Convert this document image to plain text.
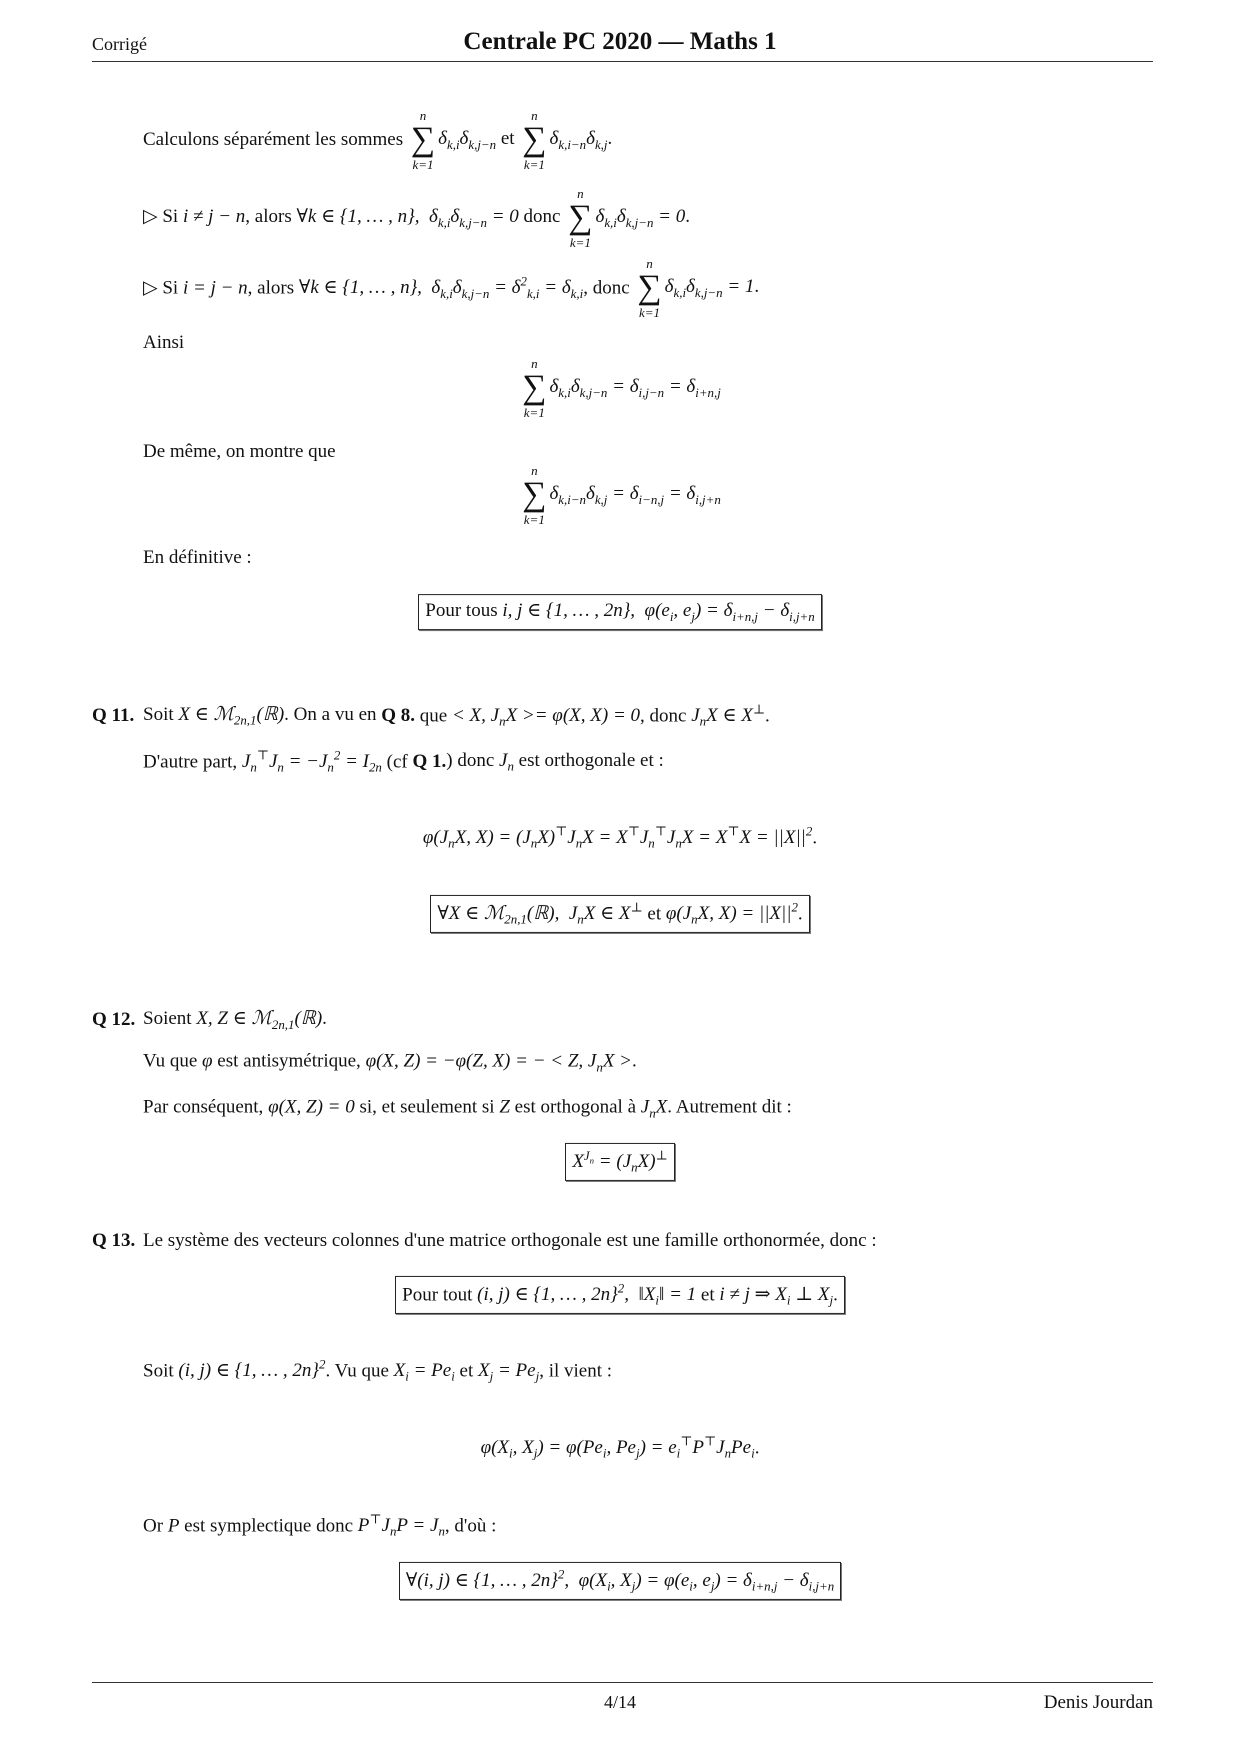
Corrigé	Centrale PC 2020 — Maths 1
Calculons séparément les sommes
n
∑
k=1
$\delta_{k,i}\delta_{k,j-n}$ et
n
∑
k=1
$\delta_{k,i-n}\delta_{k,j}$.
▷ Si i ≠ j − n, alors ∀k ∈ {1, … , n},  $\delta_{k,i}\delta_{k,j-n} = 0$ donc
n
∑
k=1
$\delta_{k,i}\delta_{k,j-n} = 0$.
▷ Si i = j − n, alors ∀k ∈ {1, … , n},  $\delta_{k,i}\delta_{k,j-n} = \delta^2_{k,i} = \delta_{k,i}$, donc
n
∑
k=1
$\delta_{k,i}\delta_{k,j-n} = 1$.
Ainsi
n
∑
k=1
$\delta_{k,i}\delta_{k,j-n} = \delta_{i,j-n} = \delta_{i+n,j}$
De même, on montre que
n
∑
k=1
$\delta_{k,i-n}\delta_{k,j} = \delta_{i-n,j} = \delta_{i,j+n}$
En définitive :
Pour tous i, j ∈ {1, … , 2n},  $\varphi(e_i$, $e_j) = \delta_{i+n,j} - \delta_{i,j+n}$
Q 11. Soit X ∈ ℳ$_{2n,1}$(ℝ). On a vu en Q 8. que < X, $J_nX >= \varphi(X$, X) = 0, donc $J_nX$ ∈ X⊥.
D'autre part, $J_n^⊤J_n = -J_n^2 = I_{2n}$ (cf Q 1. ) donc $J_n$ est orthogonale et :
$\varphi(J_nX$, $X) = (J_nX)^⊤J_nX = X^⊤J_n^⊤J_nX = X^⊤X = ||X||^2$.
∀X ∈ ℳ$_{2n,1}$(ℝ),  $J_nX$ ∈ X⊥ et $\varphi(J_nX$, $X) = ||X||^2$.
Q 12. Soient X, Z ∈ ℳ$_{2n,1}$(ℝ).
Vu que φ est antisymétrique, φ(X, Z) = −φ(Z, X) = − < Z, $J_nX$ >.
Par conséquent, φ(X, Z) = 0 si, et seulement si Z est orthogonal à $J_nX$. Autrement dit :
$X^{J_n} = (J_nX)^\perp$
Q 13. Le système des vecteurs colonnes d'une matrice orthogonale est une famille orthonormée, donc :
Pour tout (i, j) ∈ {1, … , 2n}$^2$,  $‖X_i‖ = 1$ et i ≠ j ⇒ $X_i$ ⊥ $X_j$.
Soit (i, j) ∈ {1, … , 2n}$^2$. Vu que $X_i = Pe_i$ et $X_j = Pe_j$, il vient :
$\varphi(X_i$, $X_j) = \varphi(Pe_i$, $Pe_j) = e_i^⊤P^⊤J_nPe_i$.
Or P est symplectique donc $P^⊤J_nP = J_n$, d'où :
∀(i, j) ∈ {1, … , 2n}$^2$,  $\varphi(X_i$, $X_j) = \varphi(e_i$, $e_j) = \delta_{i+n,j} - \delta_{i,j+n}$
4/14	Denis Jourdan
